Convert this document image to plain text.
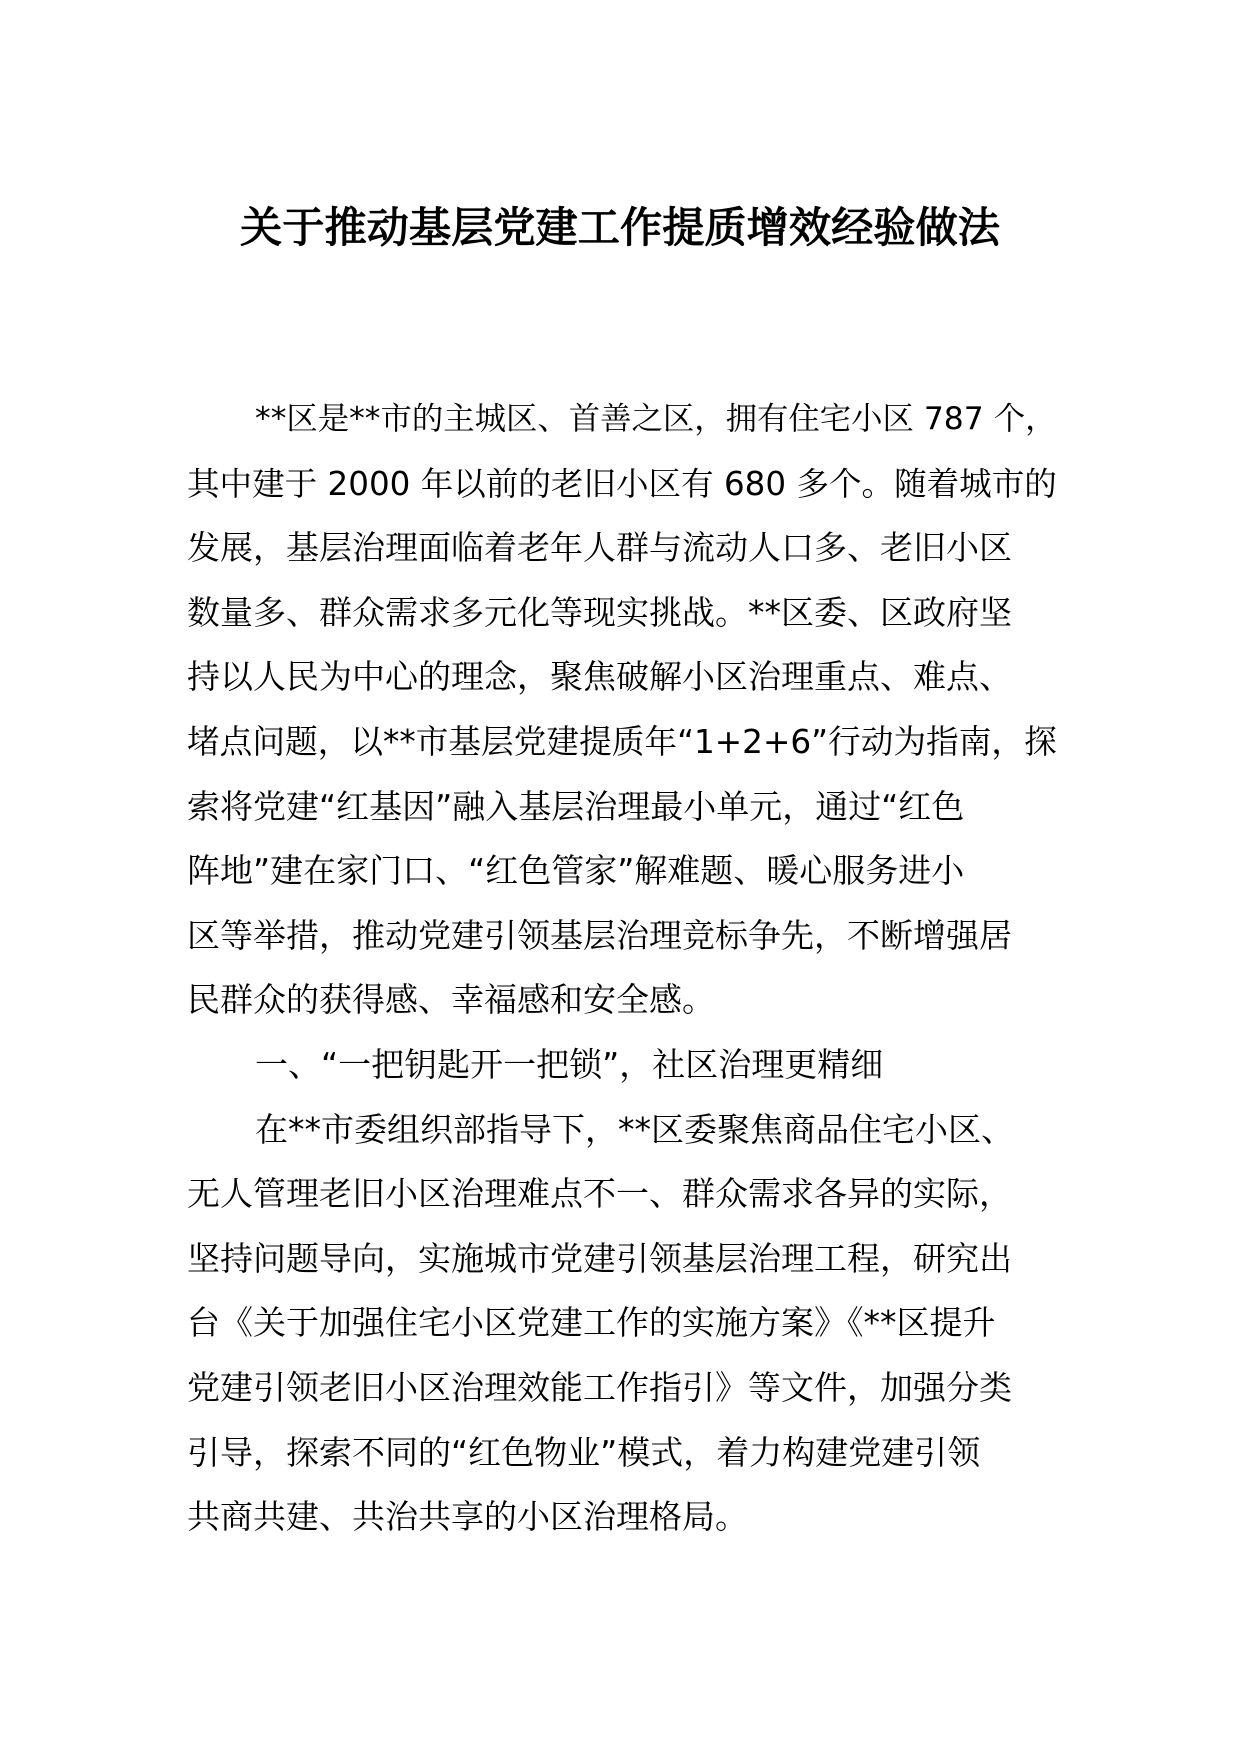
关于推动基层党建工作提质增效经验做法
**区是**市的主城区、首善之区，拥有住宅小区 787 个，
其中建于 2000 年以前的老旧小区有 680 多个。随着城市的
发展，基层治理面临着老年人群与流动人口多、老旧小区
数量多、群众需求多元化等现实挑战。**区委、区政府坚
持以人民为中心的理念，聚焦破解小区治理重点、难点、
堵点问题，以**市基层党建提质年“1+2+6”行动为指南，探
索将党建“红基因”融入基层治理最小单元，通过“红色
阵地”建在家门口、“红色管家”解难题、暖心服务进小
区等举措，推动党建引领基层治理竞标争先，不断增强居
民群众的获得感、幸福感和安全感。
一、“一把钥匙开一把锁”，社区治理更精细
在**市委组织部指导下，**区委聚焦商品住宅小区、
无人管理老旧小区治理难点不一、群众需求各异的实际，
坚持问题导向，实施城市党建引领基层治理工程，研究出
台《关于加强住宅小区党建工作的实施方案》《**区提升
党建引领老旧小区治理效能工作指引》等文件，加强分类
引导，探索不同的“红色物业”模式，着力构建党建引领
共商共建、共治共享的小区治理格局。
